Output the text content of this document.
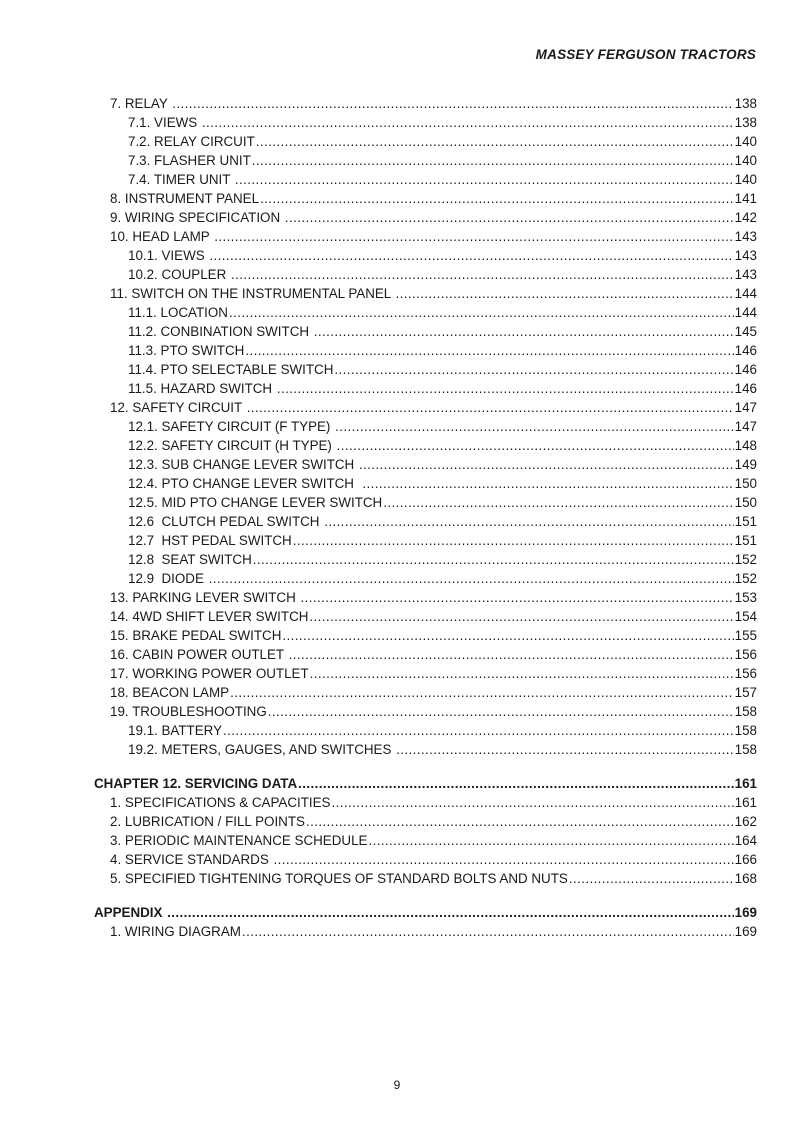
MASSEY FERGUSON TRACTORS
7. RELAY .....	138
7.1. VIEWS .....	138
7.2. RELAY CIRCUIT .....	140
7.3. FLASHER UNIT .....	140
7.4. TIMER UNIT .....	140
8. INSTRUMENT PANEL .....	141
9. WIRING SPECIFICATION .....	142
10. HEAD LAMP .....	143
10.1. VIEWS .....	143
10.2. COUPLER .....	143
11. SWITCH ON THE INSTRUMENTAL PANEL .....	144
11.1. LOCATION .....	144
11.2. CONBINATION SWITCH .....	145
11.3. PTO SWITCH .....	146
11.4. PTO SELECTABLE SWITCH .....	146
11.5. HAZARD SWITCH .....	146
12. SAFETY CIRCUIT .....	147
12.1. SAFETY CIRCUIT (F TYPE) .....	147
12.2. SAFETY CIRCUIT (H TYPE) .....	148
12.3. SUB CHANGE LEVER SWITCH .....	149
12.4. PTO CHANGE LEVER SWITCH .....	150
12.5. MID PTO CHANGE LEVER SWITCH .....	150
12.6  CLUTCH PEDAL SWITCH .....	151
12.7  HST PEDAL SWITCH .....	151
12.8  SEAT SWITCH .....	152
12.9  DIODE .....	152
13. PARKING LEVER SWITCH .....	153
14. 4WD SHIFT LEVER SWITCH .....	154
15. BRAKE PEDAL SWITCH .....	155
16. CABIN POWER OUTLET .....	156
17. WORKING POWER OUTLET .....	156
18. BEACON LAMP .....	157
19. TROUBLESHOOTING .....	158
19.1. BATTERY .....	158
19.2. METERS, GAUGES, AND SWITCHES .....	158
CHAPTER 12. SERVICING DATA .....	161
1. SPECIFICATIONS & CAPACITIES .....	161
2. LUBRICATION / FILL POINTS .....	162
3. PERIODIC MAINTENANCE SCHEDULE .....	164
4. SERVICE STANDARDS .....	166
5. SPECIFIED TIGHTENING TORQUES OF STANDARD BOLTS AND NUTS .....	168
APPENDIX .....	169
1. WIRING DIAGRAM .....	169
9
